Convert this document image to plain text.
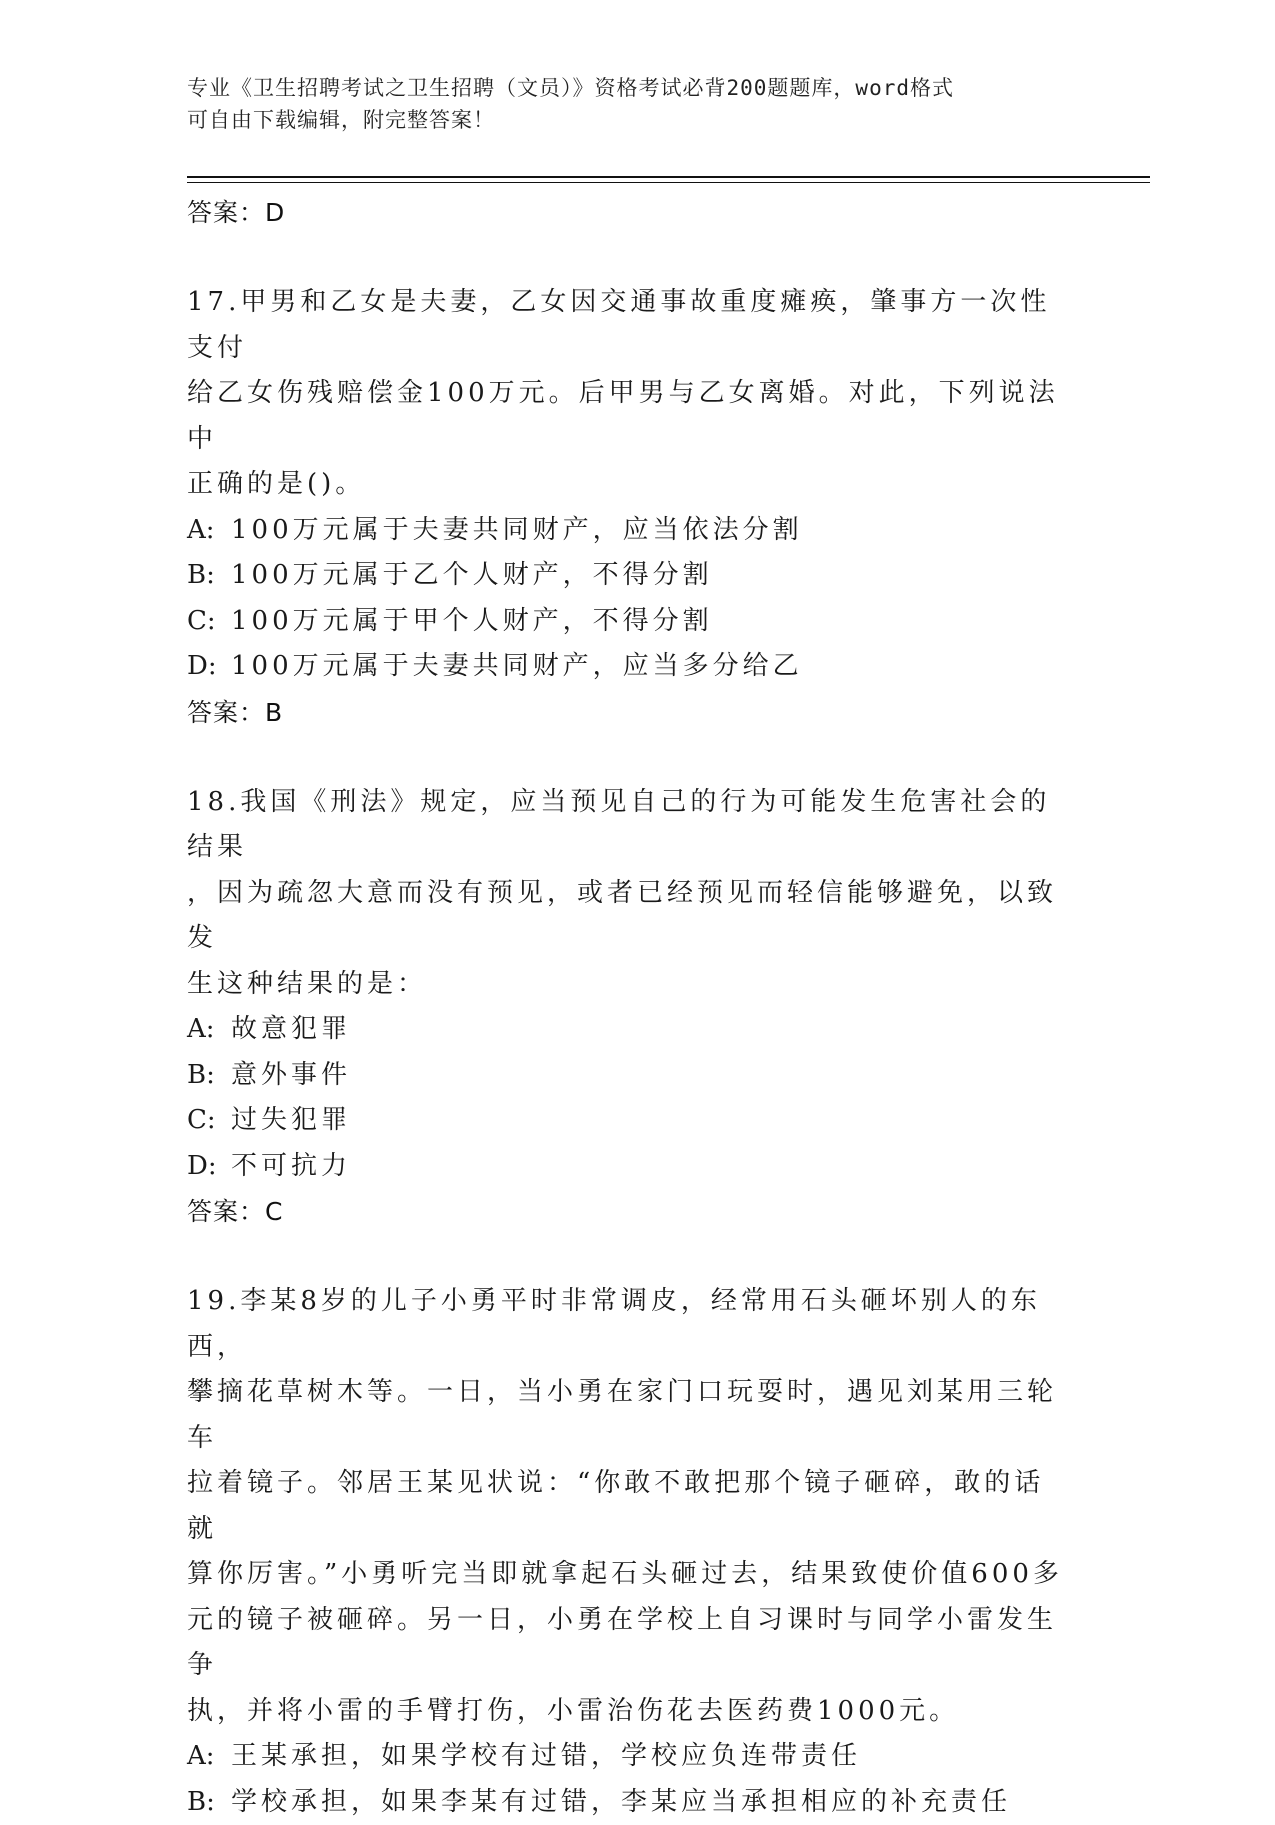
专业《卫生招聘考试之卫生招聘（文员）》资格考试必背200题题库，word格式
可自由下载编辑，附完整答案！
答案：D
17.甲男和乙女是夫妻，乙女因交通事故重度瘫痪，肇事方一次性支付
给乙女伤残赔偿金100万元。后甲男与乙女离婚。对此，下列说法中
正确的是()。
A: 100万元属于夫妻共同财产，应当依法分割
B: 100万元属于乙个人财产，不得分割
C: 100万元属于甲个人财产，不得分割
D: 100万元属于夫妻共同财产，应当多分给乙
答案：B
18.我国《刑法》规定，应当预见自己的行为可能发生危害社会的结果
，因为疏忽大意而没有预见，或者已经预见而轻信能够避免，以致发
生这种结果的是：
A: 故意犯罪
B: 意外事件
C: 过失犯罪
D: 不可抗力
答案：C
19.李某8岁的儿子小勇平时非常调皮，经常用石头砸坏别人的东西，
攀摘花草树木等。一日，当小勇在家门口玩耍时，遇见刘某用三轮车
拉着镜子。邻居王某见状说：“你敢不敢把那个镜子砸碎，敢的话就
算你厉害。”小勇听完当即就拿起石头砸过去，结果致使价值600多
元的镜子被砸碎。另一日，小勇在学校上自习课时与同学小雷发生争
执，并将小雷的手臂打伤，小雷治伤花去医药费1000元。
A: 王某承担，如果学校有过错，学校应负连带责任
B: 学校承担，如果李某有过错，李某应当承担相应的补充责任
